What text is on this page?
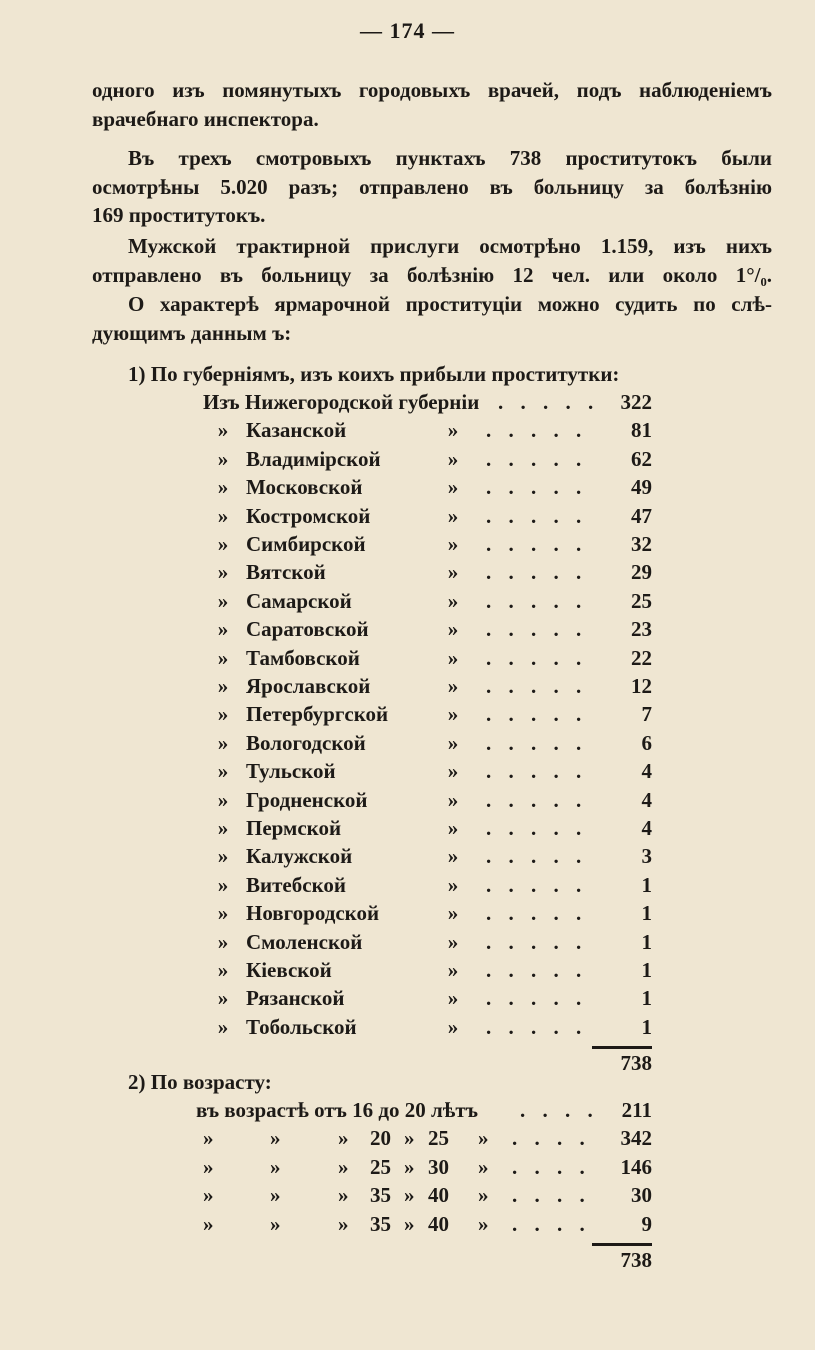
— 174 —
одного изъ помянутыхъ городовыхъ врачей, подъ наблюденіемъ
врачебнаго инспектора.
Въ трехъ смотровыхъ пунктахъ 738 проститутокъ были
осмотрѣны 5.020 разъ; отправлено въ больницу за болѣзнію
169 проститутокъ.
Мужской трактирной прислуги осмотрѣно 1.159, изъ нихъ
отправлено въ больницу за болѣзнію 12 чел. или около 1°/₀.
О характерѣ ярмарочной проституціи можно судить по слѣ-
дующимъ данным ъ:
1) По губерніямъ, изъ коихъ прибыли проститутки:
Изъ Нижегородской губерніи . . . . .	322
» Казанской	» . . . . .	81
» Владимірской	» . . . . .	62
» Московской	» . . . . .	49
» Костромской	» . . . . .	47
» Симбирской	» . . . . .	32
» Вятской	» . . . . .	29
» Самарской	» . . . . .	25
» Саратовской	» . . . . .	23
» Тамбовской	» . . . . .	22
» Ярославской	» . . . . .	12
» Петербургской	» . . . . .	7
» Вологодской	» . . . . .	6
» Тульской	» . . . . .	4
» Гродненской	» . . . . .	4
» Пермской	» . . . . .	4
» Калужской	» . . . . .	3
» Витебской	» . . . . .	1
» Новгородской	» . . . . .	1
» Смоленской	» . . . . .	1
» Кіевской	» . . . . .	1
» Рязанской	» . . . . .	1
» Тобольской	» . . . . .	1
738
2) По возрасту:
въ возрастѣ отъ 16 до 20 лѣтъ . . . .	211
»	»	» 20 » 25 » . . . .	342
»	»	» 25 » 30 » . . . .	146
»	»	» 35 » 40 » . . . .	30
»	»	» 35 » 40 » . . . .	9
738
